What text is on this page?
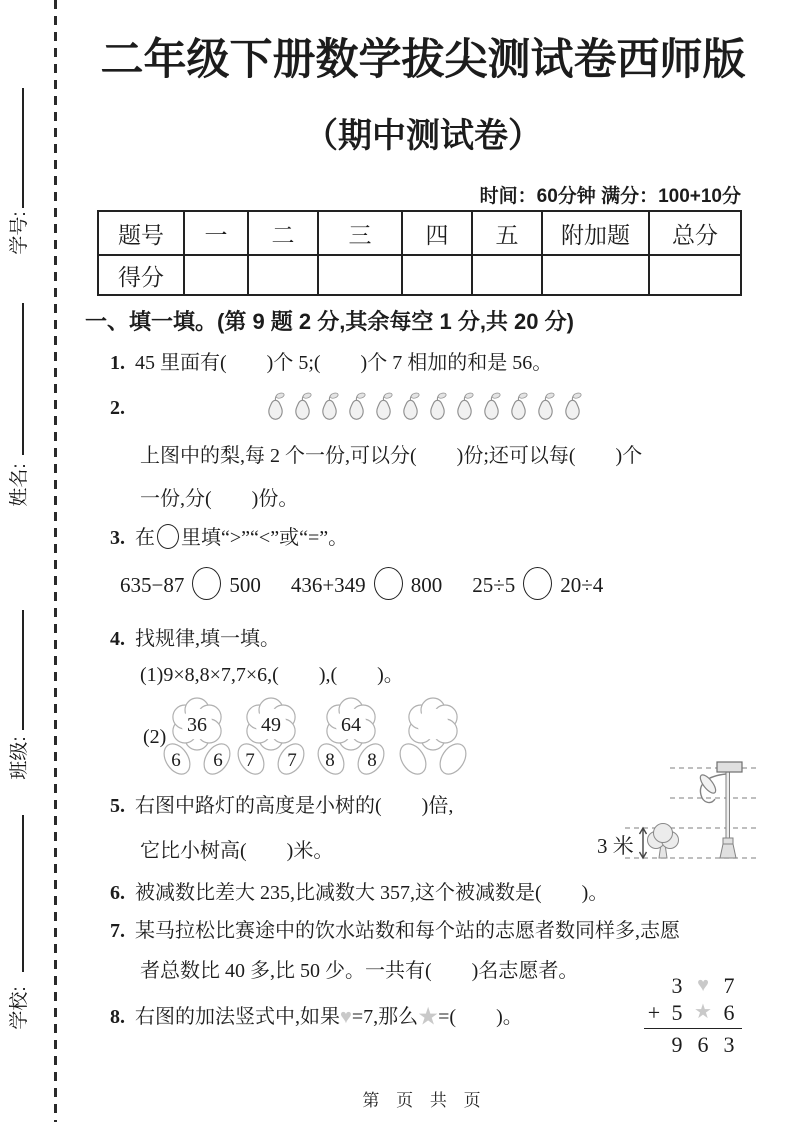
学号:
姓名:
班级:
学校:
二年级下册数学拔尖测试卷西师版
（期中测试卷）
时间：60分钟 满分：100+10分
题号	一	二	三	四	五	附加题	总分
得分							
一、填一填。(第 9 题 2 分,其余每空 1 分,共 20 分)
1. 45 里面有(　　)个 5;(　　)个 7 相加的和是 56。
2.
上图中的梨,每 2 个一份,可以分(　　)份;还可以每(　　)个
一份,分(　　)份。
3. 在 里填“>”“<”或“=”。
635−87 500 436+349 800 25÷5 20÷4
4. 找规律,填一填。
(1)9×8,8×7,7×6,(　　),(　　)。
(2)
36
6 6
49
7 7
64
8 8
5. 右图中路灯的高度是小树的(　　)倍,
它比小树高(　　)米。	3 米
6. 被减数比差大 235,比减数大 357,这个被减数是(　　)。
7. 某马拉松比赛途中的饮水站数和每个站的志愿者数同样多,志愿
者总数比 40 多,比 50 少。一共有(　　)名志愿者。
8. 右图的加法竖式中,如果♥=7,那么★=(　　)。
3 ♥ 7
+ 5 ★ 6
9 6 3
第 页 共 页
